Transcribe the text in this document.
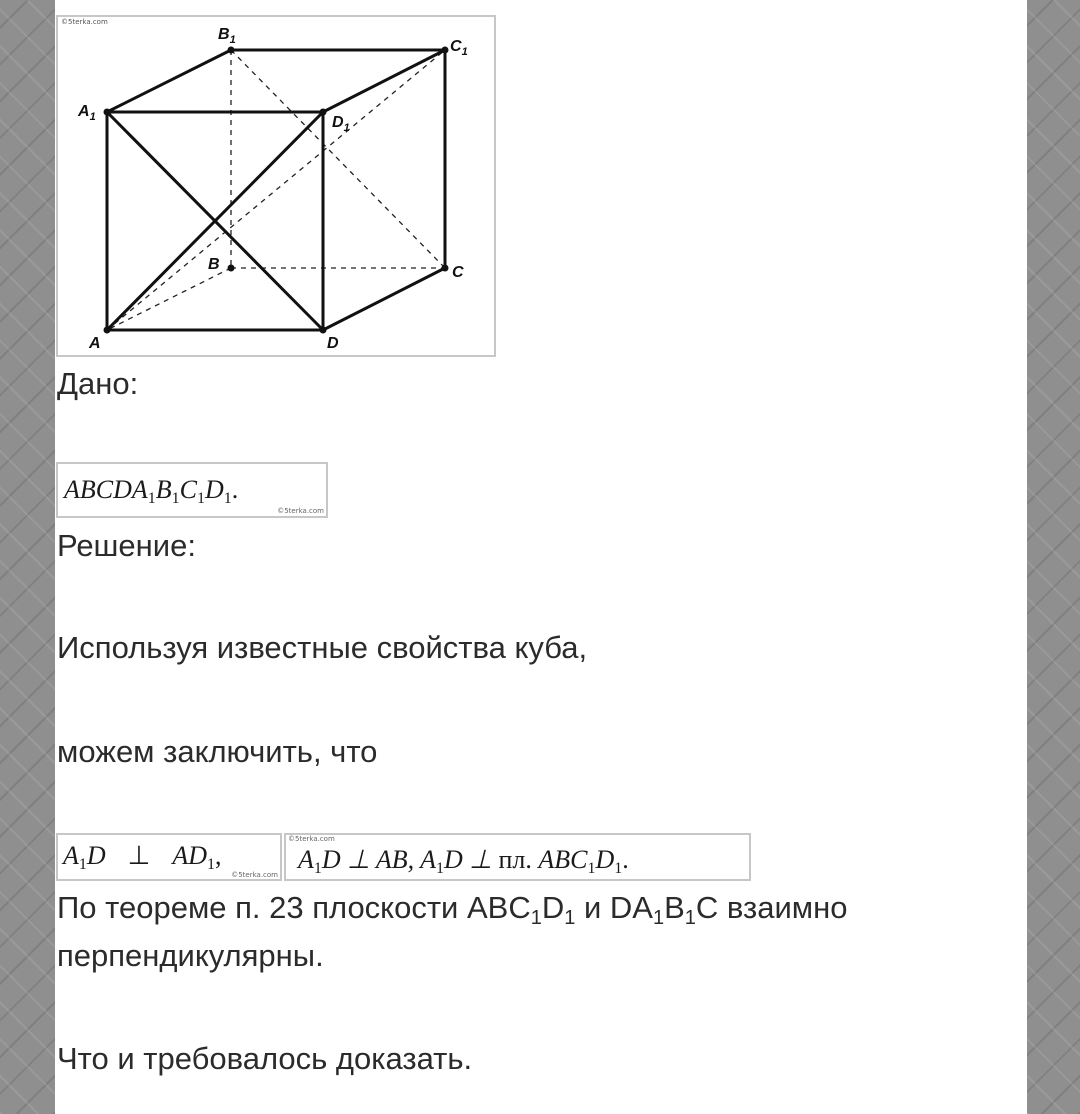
©5terka.com
$A_1$
$B_1$	$C_1$
$D_1$
B	C
A	D
Дано:
$ABCDA_1B_1C_1D_1$.
©5terka.com
Решение:
Используя известные свойства куба,
можем заключить, что
$A_1D$ ⊥ $AD_1$,
©5terka.com
©5terka.com
$A_1D$ ⊥ AB, $A_1D$ ⊥ пл. $ABC_1D_1$.
По теореме п. 23 плоскости $ABC_1D_1$ и $DA_1B_1C$ взаимно
перпендикулярны.
Что и требовалось доказать.
